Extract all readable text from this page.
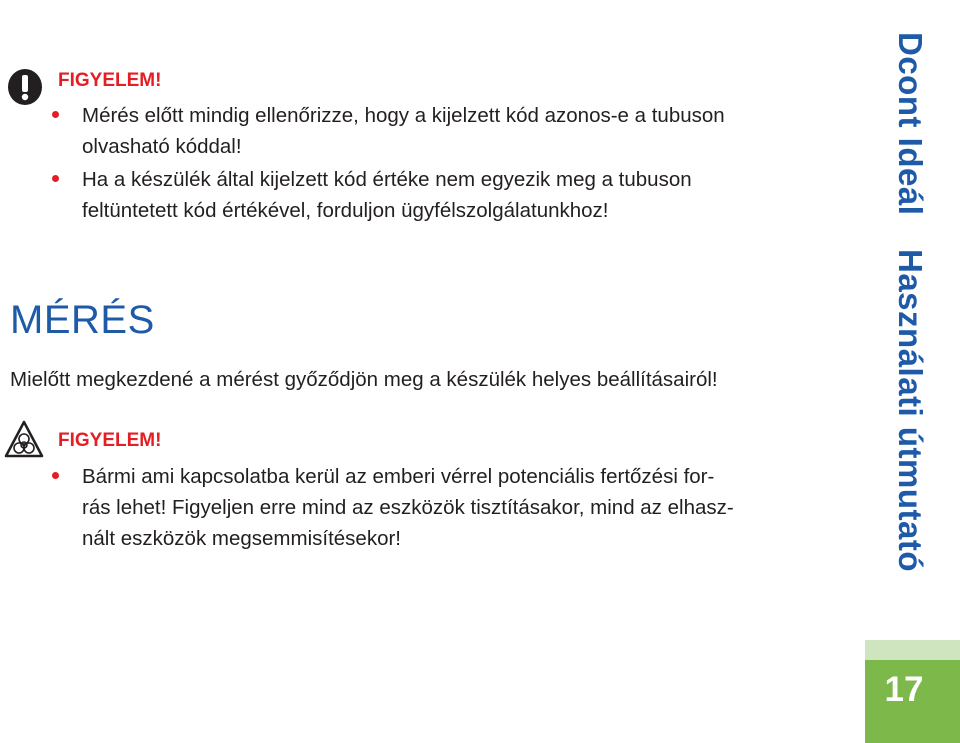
FIGYELEM!
Mérés előtt mindig ellenőrizze, hogy a kijelzett kód azonos-e a tubuson
olvasható kóddal!
Ha a készülék által kijelzett kód értéke nem egyezik meg a tubuson
feltüntetett kód értékével, forduljon ügyfélszolgálatunkhoz!
MÉRÉS
Mielőtt megkezdené a mérést győződjön meg a készülék helyes beállításairól!
FIGYELEM!
Bármi ami kapcsolatba kerül az emberi vérrel potenciális fertőzési for-
rás lehet! Figyeljen erre mind az eszközök tisztításakor, mind az elhasz-
nált eszközök megsemmisítésekor!
Dcont Ideál Használati útmutató
17
